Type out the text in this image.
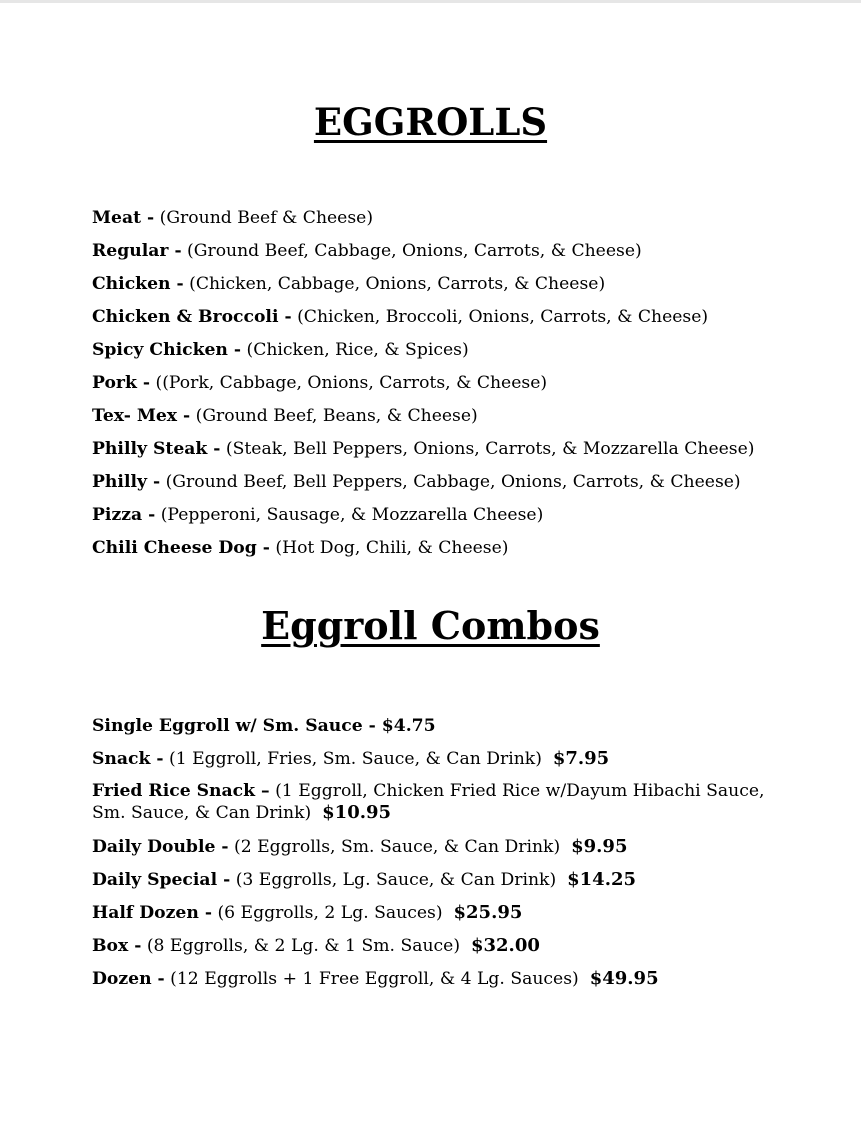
EGGROLLS
Meat - (Ground Beef & Cheese)
Regular - (Ground Beef, Cabbage, Onions, Carrots, & Cheese)
Chicken - (Chicken, Cabbage, Onions, Carrots, & Cheese)
Chicken & Broccoli - (Chicken, Broccoli, Onions, Carrots, & Cheese)
Spicy Chicken - (Chicken, Rice, & Spices)
Pork - ((Pork, Cabbage, Onions, Carrots, & Cheese)
Tex- Mex - (Ground Beef, Beans, & Cheese)
Philly Steak - (Steak, Bell Peppers, Onions, Carrots, & Mozzarella Cheese)
Philly - (Ground Beef, Bell Peppers, Cabbage, Onions, Carrots, & Cheese)
Pizza - (Pepperoni, Sausage, & Mozzarella Cheese)
Chili Cheese Dog - (Hot Dog, Chili, & Cheese)
Eggroll Combos
Single Eggroll w/ Sm. Sauce - $4.75
Snack - (1 Eggroll, Fries, Sm. Sauce, & Can Drink) $7.95
Fried Rice Snack – (1 Eggroll, Chicken Fried Rice w/Dayum Hibachi Sauce, Sm. Sauce, & Can Drink) $10.95
Daily Double - (2 Eggrolls, Sm. Sauce, & Can Drink) $9.95
Daily Special - (3 Eggrolls, Lg. Sauce, & Can Drink) $14.25
Half Dozen - (6 Eggrolls, 2 Lg. Sauces) $25.95
Box - (8 Eggrolls, & 2 Lg. & 1 Sm. Sauce) $32.00
Dozen - (12 Eggrolls + 1 Free Eggroll, & 4 Lg. Sauces) $49.95
